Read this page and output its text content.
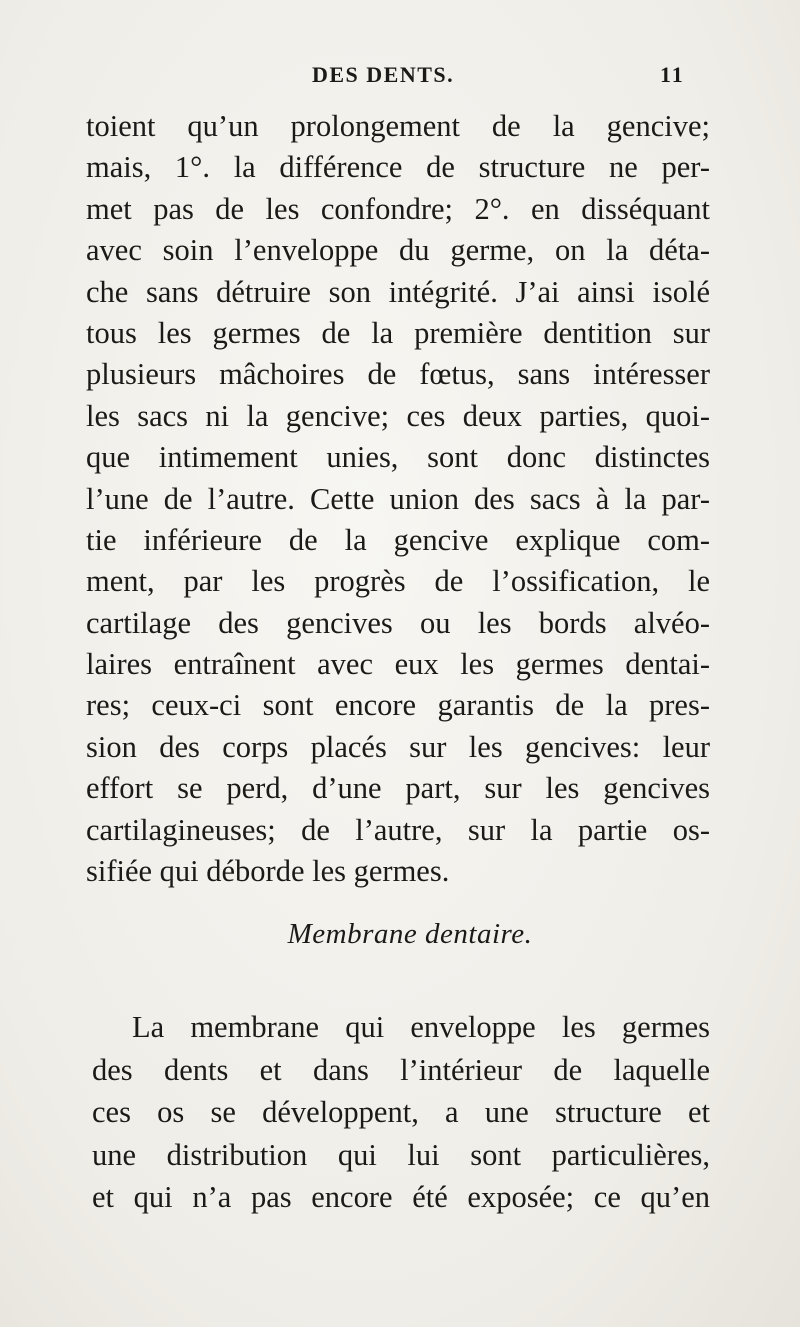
DES DENTS.	11
toient qu’un prolongement de la gencive;
mais, 1°. la différence de structure ne per-
met pas de les confondre; 2°. en disséquant
avec soin l’enveloppe du germe, on la déta-
che sans détruire son intégrité. J’ai ainsi isolé
tous les germes de la première dentition sur
plusieurs mâchoires de fœtus, sans intéresser
les sacs ni la gencive; ces deux parties, quoi-
que intimement unies, sont donc distinctes
l’une de l’autre. Cette union des sacs à la par-
tie inférieure de la gencive explique com-
ment, par les progrès de l’ossification, le
cartilage des gencives ou les bords alvéo-
laires entraînent avec eux les germes dentai-
res; ceux-ci sont encore garantis de la pres-
sion des corps placés sur les gencives: leur
effort se perd, d’une part, sur les gencives
cartilagineuses; de l’autre, sur la partie os-
sifiée qui déborde les germes.
Membrane dentaire.
La membrane qui enveloppe les germes
des dents et dans l’intérieur de laquelle
ces os se développent, a une structure et
une distribution qui lui sont particulières,
et qui n’a pas encore été exposée; ce qu’en
